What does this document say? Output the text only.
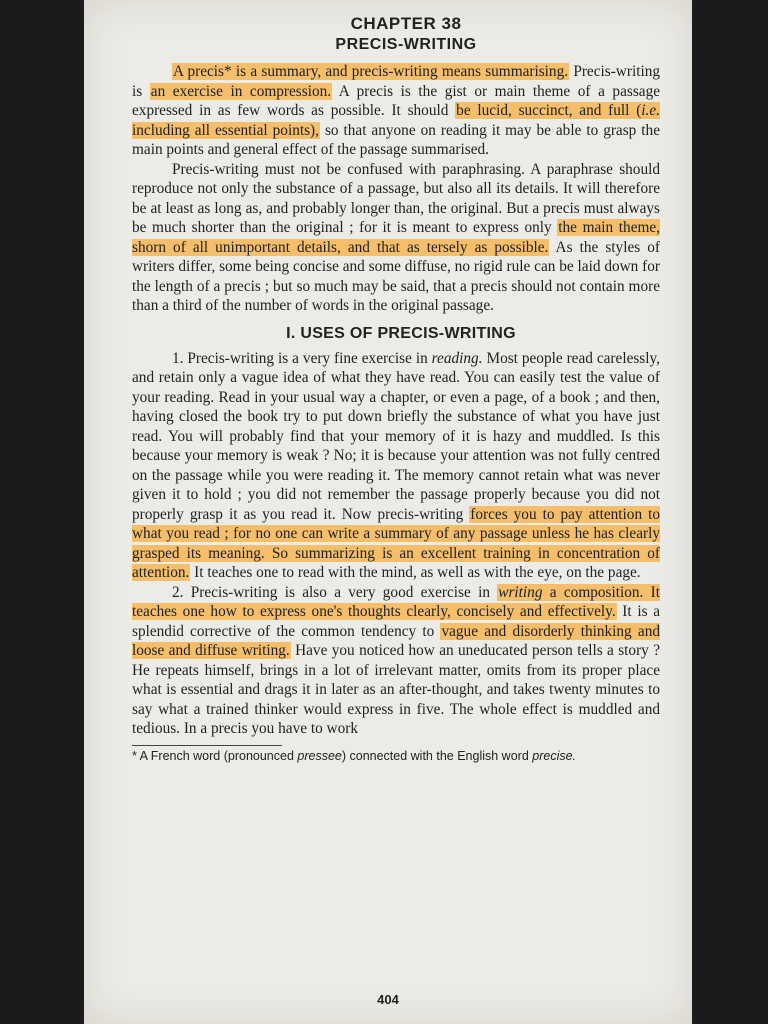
CHAPTER 38
PRECIS-WRITING

A precis* is a summary, and precis-writing means summarising. Precis-writing is an exercise in compression. A precis is the gist or main theme of a passage expressed in as few words as possible. It should be lucid, succinct, and full (i.e. including all essential points), so that anyone on reading it may be able to grasp the main points and general effect of the passage summarised.

Precis-writing must not be confused with paraphrasing. A paraphrase should reproduce not only the substance of a passage, but also all its details. It will therefore be at least as long as, and probably longer than, the original. But a precis must always be much shorter than the original ; for it is meant to express only the main theme, shorn of all unimportant details, and that as tersely as possible. As the styles of writers differ, some being concise and some diffuse, no rigid rule can be laid down for the length of a precis ; but so much may be said, that a precis should not contain more than a third of the number of words in the original passage.

I. USES OF PRECIS-WRITING

1. Precis-writing is a very fine exercise in reading. Most people read carelessly, and retain only a vague idea of what they have read. You can easily test the value of your reading. Read in your usual way a chapter, or even a page, of a book ; and then, having closed the book try to put down briefly the substance of what you have just read. You will probably find that your memory of it is hazy and muddled. Is this because your memory is weak ? No; it is because your attention was not fully centred on the passage while you were reading it. The memory cannot retain what was never given it to hold ; you did not remember the passage properly because you did not properly grasp it as you read it. Now precis-writing forces you to pay attention to what you read ; for no one can write a summary of any passage unless he has clearly grasped its meaning. So summarizing is an excellent training in concentration of attention. It teaches one to read with the mind, as well as with the eye, on the page.

2. Precis-writing is also a very good exercise in writing a composition. It teaches one how to express one's thoughts clearly, concisely and effectively. It is a splendid corrective of the common tendency to vague and disorderly thinking and loose and diffuse writing. Have you noticed how an uneducated person tells a story ? He repeats himself, brings in a lot of irrelevant matter, omits from its proper place what is essential and drags it in later as an after-thought, and takes twenty minutes to say what a trained thinker would express in five. The whole effect is muddled and tedious. In a precis you have to work

* A French word (pronounced pressee) connected with the English word precise.
404
